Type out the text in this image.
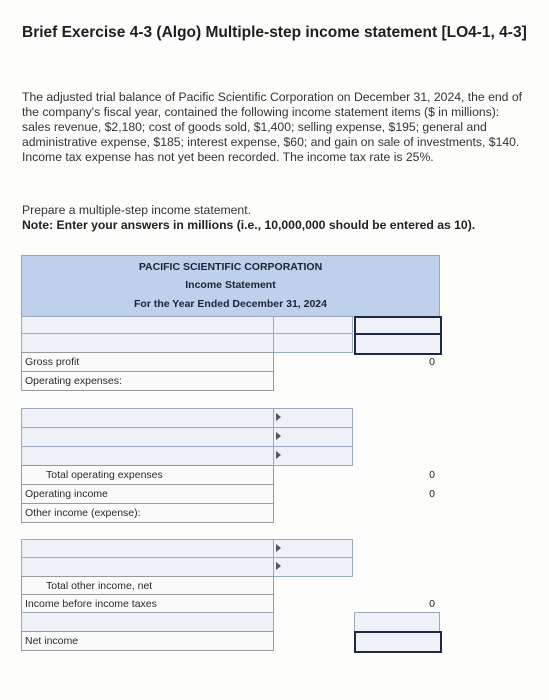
Brief Exercise 4-3 (Algo) Multiple-step income statement [LO4-1, 4-3]
The adjusted trial balance of Pacific Scientific Corporation on December 31, 2024, the end of the company's fiscal year, contained the following income statement items ($ in millions): sales revenue, $2,180; cost of goods sold, $1,400; selling expense, $195; general and administrative expense, $185; interest expense, $60; and gain on sale of investments, $140. Income tax expense has not yet been recorded. The income tax rate is 25%.
Prepare a multiple-step income statement.
Note: Enter your answers in millions (i.e., 10,000,000 should be entered as 10).
PACIFIC SCIENTIFIC CORPORATION
Income Statement
For the Year Ended December 31, 2024
Gross profit	0
Operating expenses:
Total operating expenses	0
Operating income	0
Other income (expense):
Total other income, net
Income before income taxes	0
Net income
